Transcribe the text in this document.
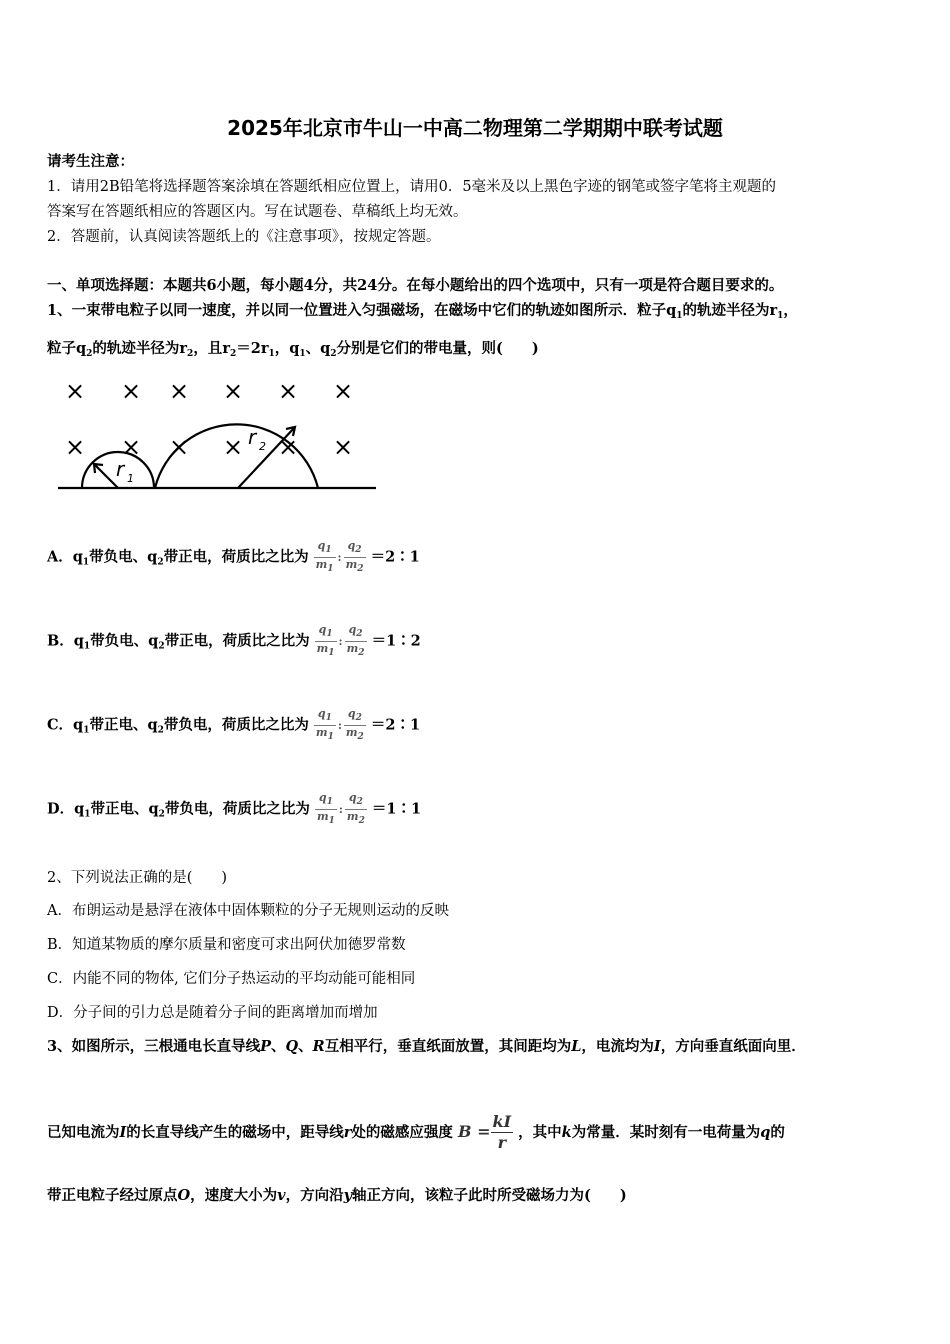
2025年北京市牛山一中高二物理第二学期期中联考试题
请考生注意：
1．请用2B铅笔将选择题答案涂填在答题纸相应位置上，请用0．5毫米及以上黑色字迹的钢笔或签字笔将主观题的
答案写在答题纸相应的答题区内。写在试题卷、草稿纸上均无效。
2．答题前，认真阅读答题纸上的《注意事项》，按规定答题。
一、单项选择题：本题共6小题，每小题4分，共24分。在每小题给出的四个选项中，只有一项是符合题目要求的。
1、一束带电粒子以同一速度，并以同一位置进入匀强磁场，在磁场中它们的轨迹如图所示．粒子$q_1$的轨迹半径为$r_1$，
粒子$q_2$的轨迹半径为$r_2$，且$r_2=2r_1$，$q_1$、$q_2$分别是它们的带电量，则(　　)
× × × × × ×
× × × × × ×
r 1
r 2
A．$q_1$带负电、$q_2$带正电，荷质比之比为 $\frac{q_1}{m_1}$ : $\frac{q_2}{m_2}$ ＝2∶1
B．$q_1$带负电、$q_2$带正电，荷质比之比为 $\frac{q_1}{m_1}$ : $\frac{q_2}{m_2}$ ＝1∶2
C．$q_1$带正电、$q_2$带负电，荷质比之比为 $\frac{q_1}{m_1}$ : $\frac{q_2}{m_2}$ ＝2∶1
D．$q_1$带正电、$q_2$带负电，荷质比之比为 $\frac{q_1}{m_1}$ : $\frac{q_2}{m_2}$ ＝1∶1
2、下列说法正确的是(　　)
A．布朗运动是悬浮在液体中固体颗粒的分子无规则运动的反映
B．知道某物质的摩尔质量和密度可求出阿伏加德罗常数
C．内能不同的物体, 它们分子热运动的平均动能可能相同
D．分子间的引力总是随着分子间的距离增加而增加
3、如图所示，三根通电长直导线P、Q、R互相平行，垂直纸面放置，其间距均为L，电流均为I，方向垂直纸面向里．
已知电流为I的长直导线产生的磁场中，距导线r处的磁感应强度 $B = \frac{kI}{r}$ ，其中k为常量．某时刻有一电荷量为q的
带正电粒子经过原点O，速度大小为v，方向沿y轴正方向，该粒子此时所受磁场力为(　　)
